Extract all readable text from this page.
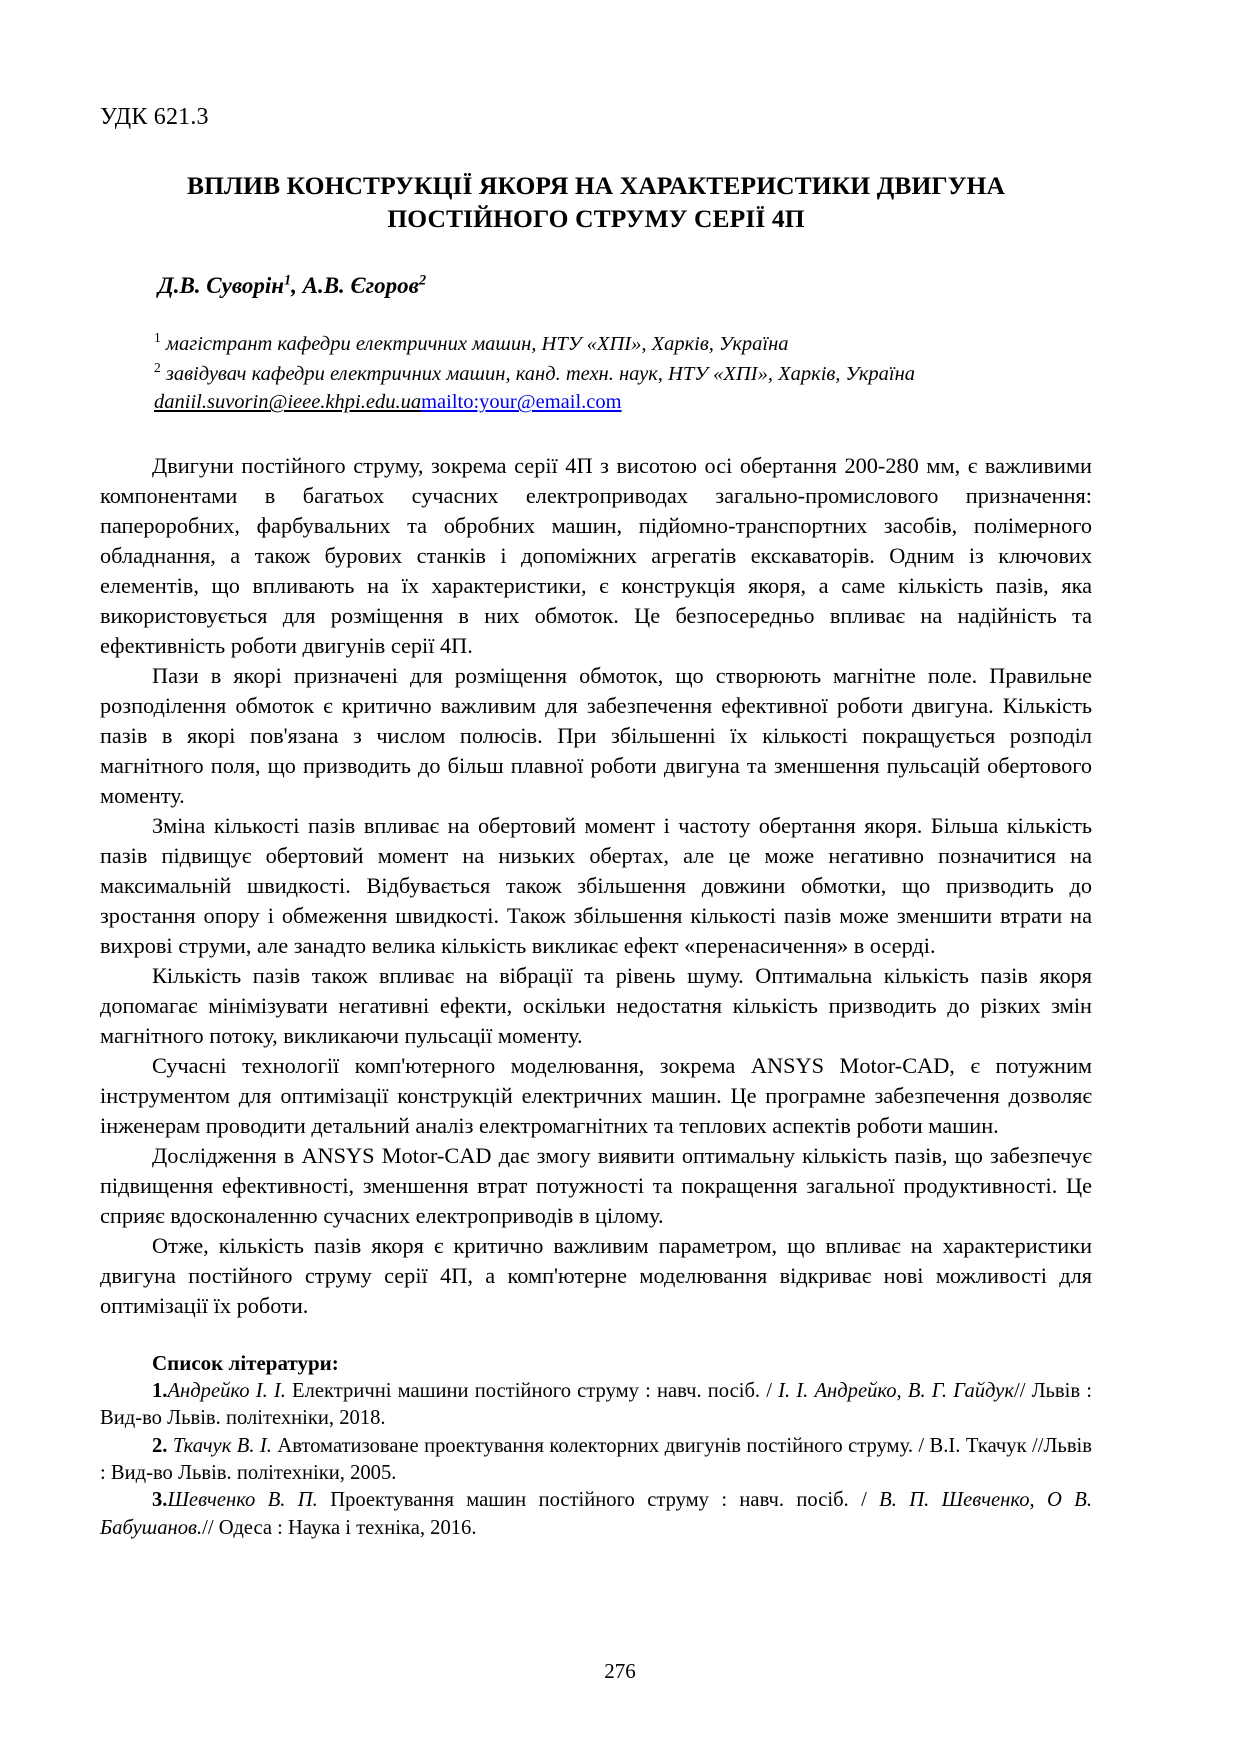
УДК 621.3
ВПЛИВ КОНСТРУКЦІЇ ЯКОРЯ НА ХАРАКТЕРИСТИКИ ДВИГУНА
ПОСТІЙНОГО СТРУМУ СЕРІЇ 4П
Д.В. Суворін$^1$, А.В. Єгоров$^2$
$^1$ магістрант кафедри електричних машин, НТУ «ХПІ», Харків, Україна
$^2$ завідувач кафедри електричних машин, канд. техн. наук, НТУ «ХПІ», Харків, Україна
daniil.suvorin@ieee.khpi.edu.uamailto:your@email.com

Двигуни постійного струму, зокрема серії 4П з висотою осі обертання 200-280 мм, є важливими компонентами в багатьох сучасних електроприводах загально-промислового призначення: папероробних, фарбувальних та обробних машин, підйомно-транспортних засобів, полімерного обладнання, а також бурових станків і допоміжних агрегатів екскаваторів. Одним із ключових елементів, що впливають на їх характеристики, є конструкція якоря, а саме кількість пазів, яка використовується для розміщення в них обмоток. Це безпосередньо впливає на надійність та ефективність роботи двигунів серії 4П.

Пази в якорі призначені для розміщення обмоток, що створюють магнітне поле. Правильне розподілення обмоток є критично важливим для забезпечення ефективної роботи двигуна. Кількість пазів в якорі пов'язана з числом полюсів. При збільшенні їх кількості покращується розподіл магнітного поля, що призводить до більш плавної роботи двигуна та зменшення пульсацій обертового моменту.

Зміна кількості пазів впливає на обертовий момент і частоту обертання якоря. Більша кількість пазів підвищує обертовий момент на низьких обертах, але це може негативно позначитися на максимальній швидкості. Відбувається також збільшення довжини обмотки, що призводить до зростання опору і обмеження швидкості. Також збільшення кількості пазів може зменшити втрати на вихрові струми, але занадто велика кількість викликає ефект «перенасичення» в осерді.

Кількість пазів також впливає на вібрації та рівень шуму. Оптимальна кількість пазів якоря допомагає мінімізувати негативні ефекти, оскільки недостатня кількість призводить до різких змін магнітного потоку, викликаючи пульсації моменту.

Сучасні технології комп'ютерного моделювання, зокрема ANSYS Motor-CAD, є потужним інструментом для оптимізації конструкцій електричних машин. Це програмне забезпечення дозволяє інженерам проводити детальний аналіз електромагнітних та теплових аспектів роботи машин.

Дослідження в ANSYS Motor-CAD дає змогу виявити оптимальну кількість пазів, що забезпечує підвищення ефективності, зменшення втрат потужності та покращення загальної продуктивності. Це сприяє вдосконаленню сучасних електроприводів в цілому.

Отже, кількість пазів якоря є критично важливим параметром, що впливає на характеристики двигуна постійного струму серії 4П, а комп'ютерне моделювання відкриває нові можливості для оптимізації їх роботи.

Список літератури:

1.Андрейко І. І. Електричні машини постійного струму : навч. посіб. / І. І. Андрейко, В. Г. Гайдук// Львів : Вид-во Львів. політехніки, 2018.

2. Ткачук В. І. Автоматизоване проектування колекторних двигунів постійного струму. / В.І. Ткачук //Львів : Вид-во Львів. політехніки, 2005.

3.Шевченко В. П. Проектування машин постійного струму : навч. посіб. / В. П. Шевченко, О В. Бабушанов.// Одеса : Наука і техніка, 2016.

276
